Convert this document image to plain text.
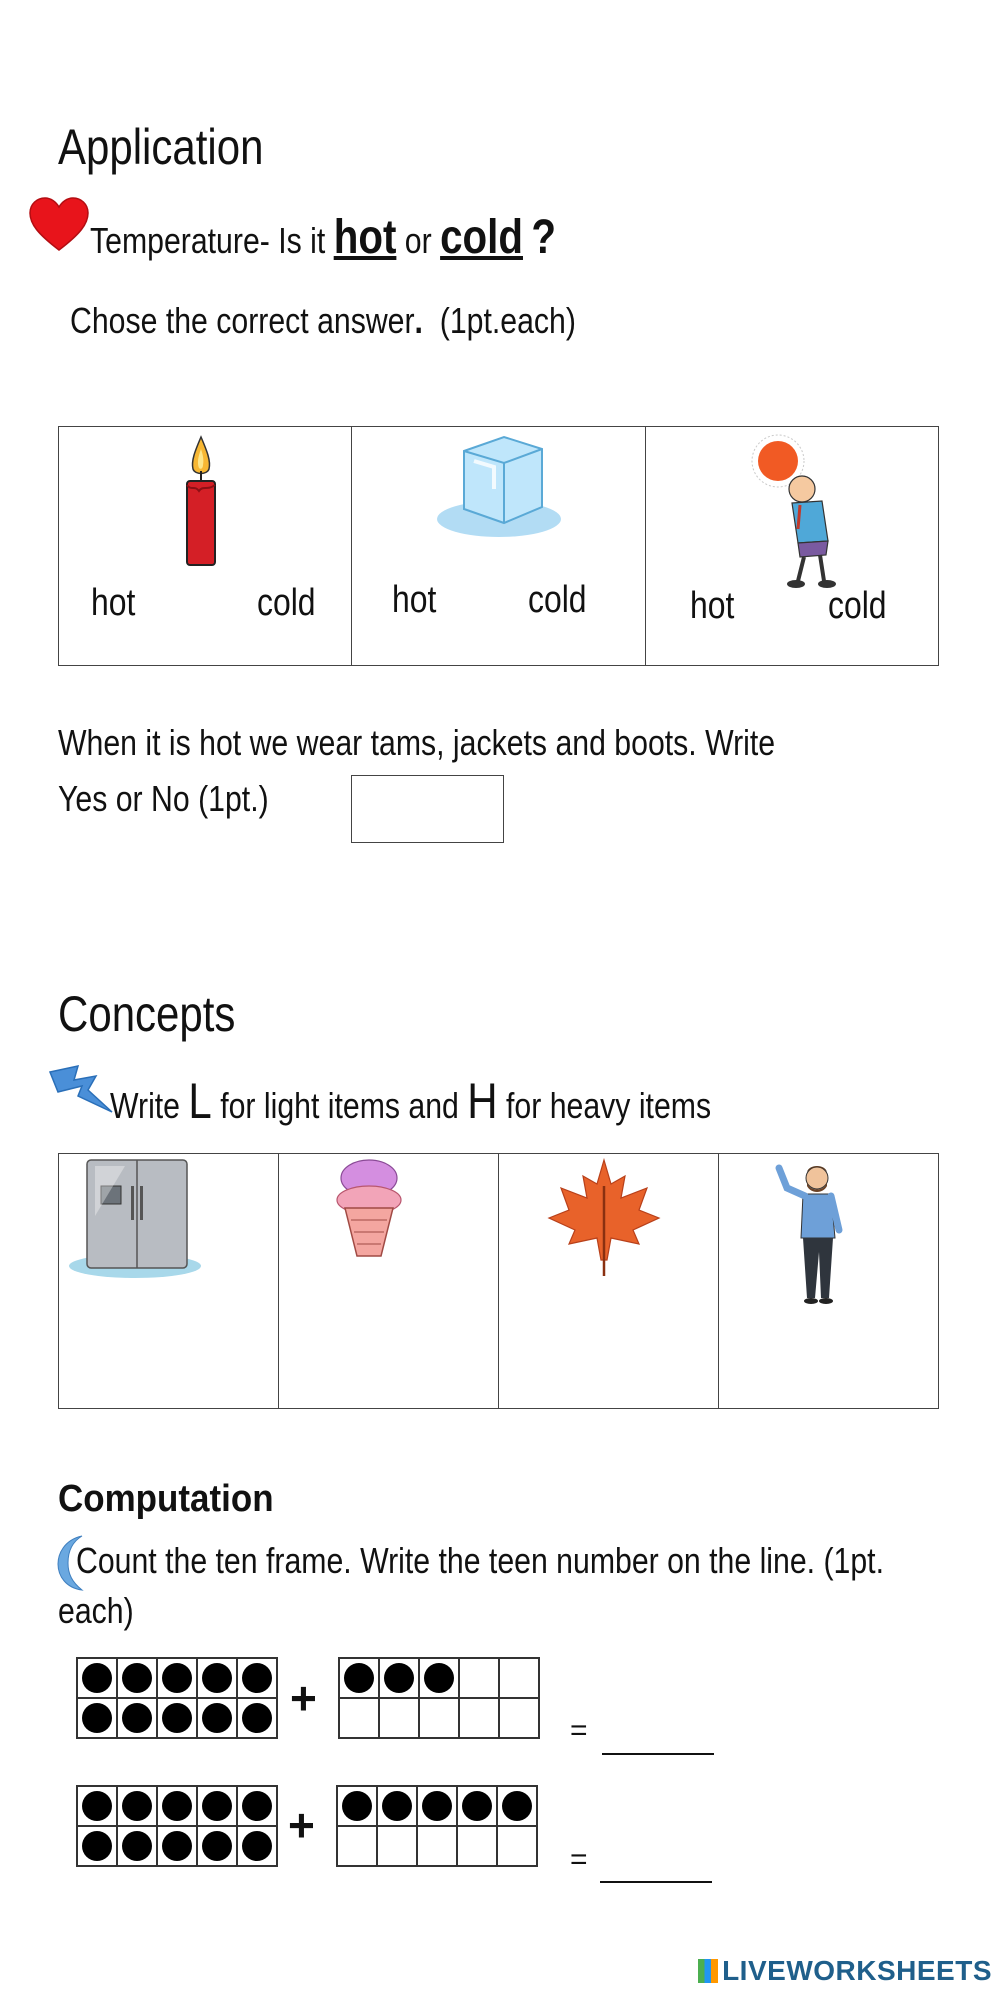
Application
Temperature- Is it hot or cold ?
Chose the correct answer. (1pt.each)
hot	cold hot cold	hot cold
When it is hot we wear tams, jackets and boots. Write
Yes or No (1pt.)
Concepts
Write L for light items and H for heavy items
Computation
Count the ten frame. Write the teen number on the line. (1pt.
each)
+
=
+
=
LIVEWORKSHEETS
